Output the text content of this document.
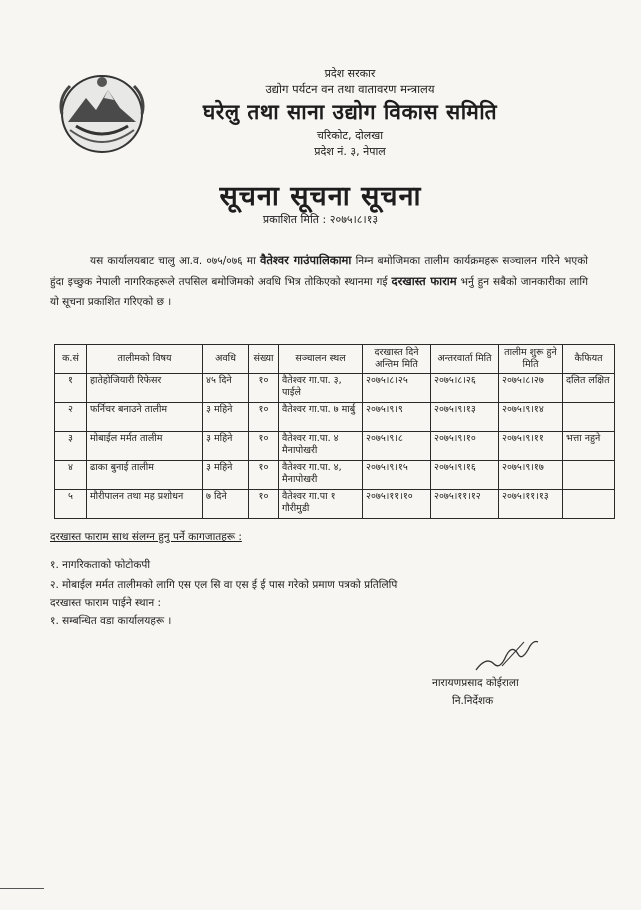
प्रदेश सरकार
उद्योग पर्यटन वन तथा वातावरण मन्त्रालय
घरेलु तथा साना उद्योग विकास समिति
चरिकोट, दोलखा
प्रदेश नं. ३, नेपाल
सूचना सूचना सूचना
प्रकाशित मिति : २०७५।८।१३
यस कार्यालयबाट चालु आ.व. ०७५/०७६ मा वैतेश्वर गाउंपालिकामा निम्न बमोजिमका तालीम कार्यक्रमहरू सञ्चालन गरिने भएको हुंदा इच्छुक नेपाली नागरिकहरूले तपसिल बमोजिमको अवधि भित्र तोकिएको स्थानमा गई दरखास्त फाराम भर्नु हुन सबैको जानकारीका लागि यो सूचना प्रकाशित गरिएको छ ।
क.सं	तालीमको विषय	अवधि	संख्या	सञ्चालन स्थल	दरखास्त दिने अन्तिम मिति	अन्तरवार्ता मिति	तालीम शुरू हुने मिति	कैफियत
१	हातेहोजियारी रिफेसर	४५ दिने	१०	वैतेश्वर गा.पा. ३, पाईले	२०७५।८।२५	२०७५।८।२६	२०७५।८।२७	दलित लक्षित
२	फर्निचर बनाउने तालीम	३ महिने	१०	वैतेश्वर गा.पा. ७ मार्बु	२०७५।९।९	२०७५।९।१३	२०७५।९।१४	
३	मोबाईल मर्मत तालीम	३ महिने	१०	वैतेश्वर गा.पा. ४ मैनापोखरी	२०७५।९।८	२०७५।९।१०	२०७५।९।११	भत्ता नहुने
४	ढाका बुनाई तालीम	३ महिने	१०	वैतेश्वर गा.पा. ४, मैनापोखरी	२०७५।९।१५	२०७५।९।१६	२०७५।९।१७	
५	मौरीपालन तथा मह प्रशोधन	७ दिने	१०	वैतेश्वर गा.पा १ गौरीमुडी	२०७५।११।१०	२०७५।११।१२	२०७५।११।१३	
दरखास्त फाराम साथ संलग्न हुनु पर्ने कागजातहरू :
१. नागरिकताको फोटोकपी
२. मोबाईल मर्मत तालीमको लागि एस एल सि वा एस ई ई पास गरेको प्रमाण पत्रको प्रतिलिपि
दरखास्त फाराम पाईने स्थान :
१. सम्बन्धित वडा कार्यालयहरू ।
नारायणप्रसाद कोईराला
नि.निर्देशक
